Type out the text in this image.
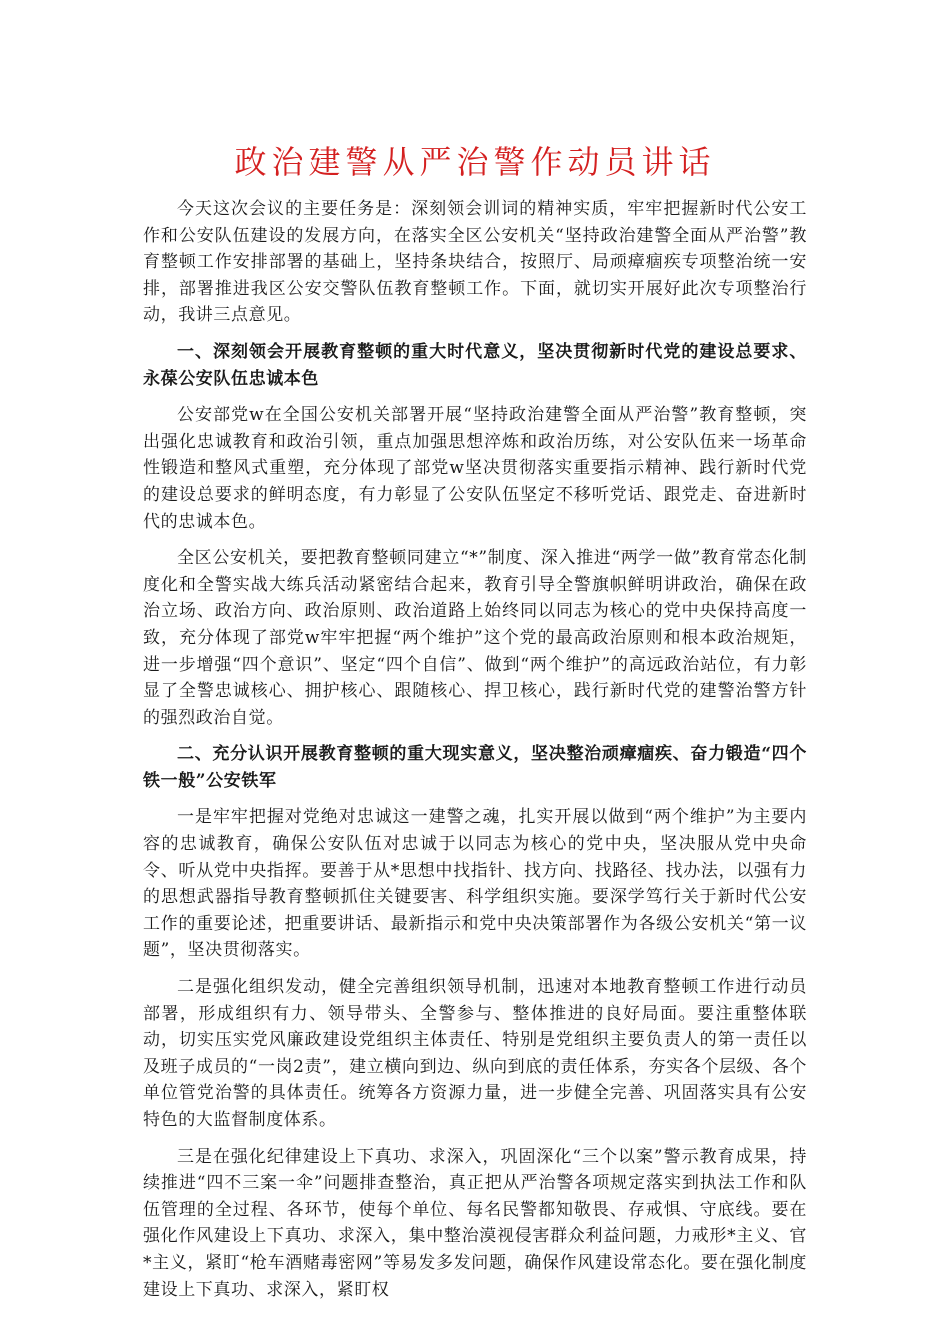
政治建警从严治警作动员讲话

今天这次会议的主要任务是：深刻领会训词的精神实质，牢牢把握新时代公安工作和公安队伍建设的发展方向，在落实全区公安机关“坚持政治建警全面从严治警”教育整顿工作安排部署的基础上，坚持条块结合，按照厅、局顽瘴痼疾专项整治统一安排，部署推进我区公安交警队伍教育整顿工作。下面，就切实开展好此次专项整治行动，我讲三点意见。

一、深刻领会开展教育整顿的重大时代意义，坚决贯彻新时代党的建设总要求、永葆公安队伍忠诚本色

公安部党w在全国公安机关部署开展“坚持政治建警全面从严治警”教育整顿，突出强化忠诚教育和政治引领，重点加强思想淬炼和政治历练，对公安队伍来一场革命性锻造和整风式重塑，充分体现了部党w坚决贯彻落实重要指示精神、践行新时代党的建设总要求的鲜明态度，有力彰显了公安队伍坚定不移听党话、跟党走、奋进新时代的忠诚本色。

全区公安机关，要把教育整顿同建立“*”制度、深入推进“两学一做”教育常态化制度化和全警实战大练兵活动紧密结合起来，教育引导全警旗帜鲜明讲政治，确保在政治立场、政治方向、政治原则、政治道路上始终同以同志为核心的党中央保持高度一致，充分体现了部党w牢牢把握“两个维护”这个党的最高政治原则和根本政治规矩，进一步增强“四个意识”、坚定“四个自信”、做到“两个维护”的高远政治站位，有力彰显了全警忠诚核心、拥护核心、跟随核心、捍卫核心，践行新时代党的建警治警方针的强烈政治自觉。

二、充分认识开展教育整顿的重大现实意义，坚决整治顽瘴痼疾、奋力锻造“四个铁一般”公安铁军

一是牢牢把握对党绝对忠诚这一建警之魂，扎实开展以做到“两个维护”为主要内容的忠诚教育，确保公安队伍对忠诚于以同志为核心的党中央，坚决服从党中央命令、听从党中央指挥。要善于从*思想中找指针、找方向、找路径、找办法，以强有力的思想武器指导教育整顿抓住关键要害、科学组织实施。要深学笃行关于新时代公安工作的重要论述，把重要讲话、最新指示和党中央决策部署作为各级公安机关“第一议题”，坚决贯彻落实。

二是强化组织发动，健全完善组织领导机制，迅速对本地教育整顿工作进行动员部署，形成组织有力、领导带头、全警参与、整体推进的良好局面。要注重整体联动，切实压实党风廉政建设党组织主体责任、特别是党组织主要负责人的第一责任以及班子成员的“一岗2责”，建立横向到边、纵向到底的责任体系，夯实各个层级、各个单位管党治警的具体责任。统筹各方资源力量，进一步健全完善、巩固落实具有公安特色的大监督制度体系。

三是在强化纪律建设上下真功、求深入，巩固深化“三个以案”警示教育成果，持续推进“四不三案一伞”问题排查整治，真正把从严治警各项规定落实到执法工作和队伍管理的全过程、各环节，使每个单位、每名民警都知敬畏、存戒惧、守底线。要在强化作风建设上下真功、求深入，集中整治漠视侵害群众利益问题，力戒形*主义、官*主义，紧盯“枪车酒赌毒密网”等易发多发问题，确保作风建设常态化。要在强化制度建设上下真功、求深入，紧盯权
